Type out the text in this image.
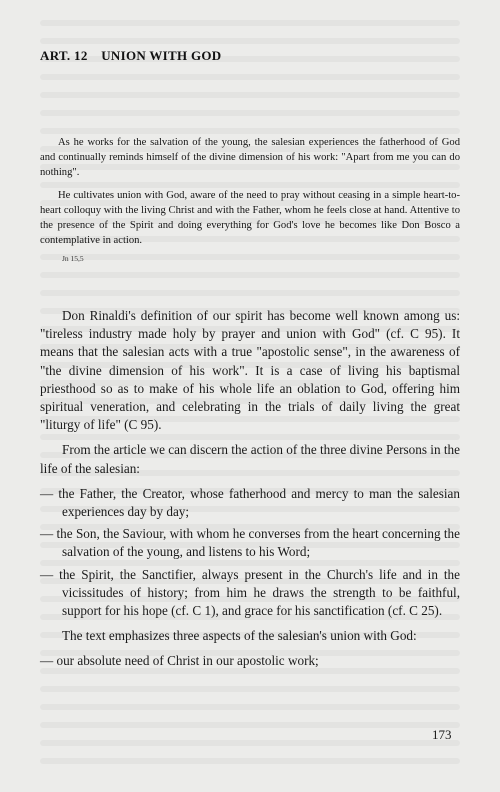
ART. 12 UNION WITH GOD

As he works for the salvation of the young, the salesian experiences the fatherhood of God and continually reminds himself of the divine dimension of his work: "Apart from me you can do nothing".

He cultivates union with God, aware of the need to pray without ceasing in a simple heart-to-heart colloquy with the living Christ and with the Father, whom he feels close at hand. Attentive to the presence of the Spirit and doing everything for God's love he becomes like Don Bosco a contemplative in action.

Jn 15,5

Don Rinaldi's definition of our spirit has become well known among us: "tireless industry made holy by prayer and union with God" (cf. C 95). It means that the salesian acts with a true "apostolic sense", in the awareness of "the divine dimension of his work". It is a case of living his baptismal priesthood so as to make of his whole life an oblation to God, offering him spiritual veneration, and celebrating in the trials of daily living the great "liturgy of life" (C 95).

From the article we can discern the action of the three divine Persons in the life of the salesian:

— the Father, the Creator, whose fatherhood and mercy to man the salesian experiences day by day;

— the Son, the Saviour, with whom he converses from the heart concerning the salvation of the young, and listens to his Word;

— the Spirit, the Sanctifier, always present in the Church's life and in the vicissitudes of history; from him he draws the strength to be faithful, support for his hope (cf. C 1), and grace for his sanctification (cf. C 25).

The text emphasizes three aspects of the salesian's union with God:

— our absolute need of Christ in our apostolic work;

173
